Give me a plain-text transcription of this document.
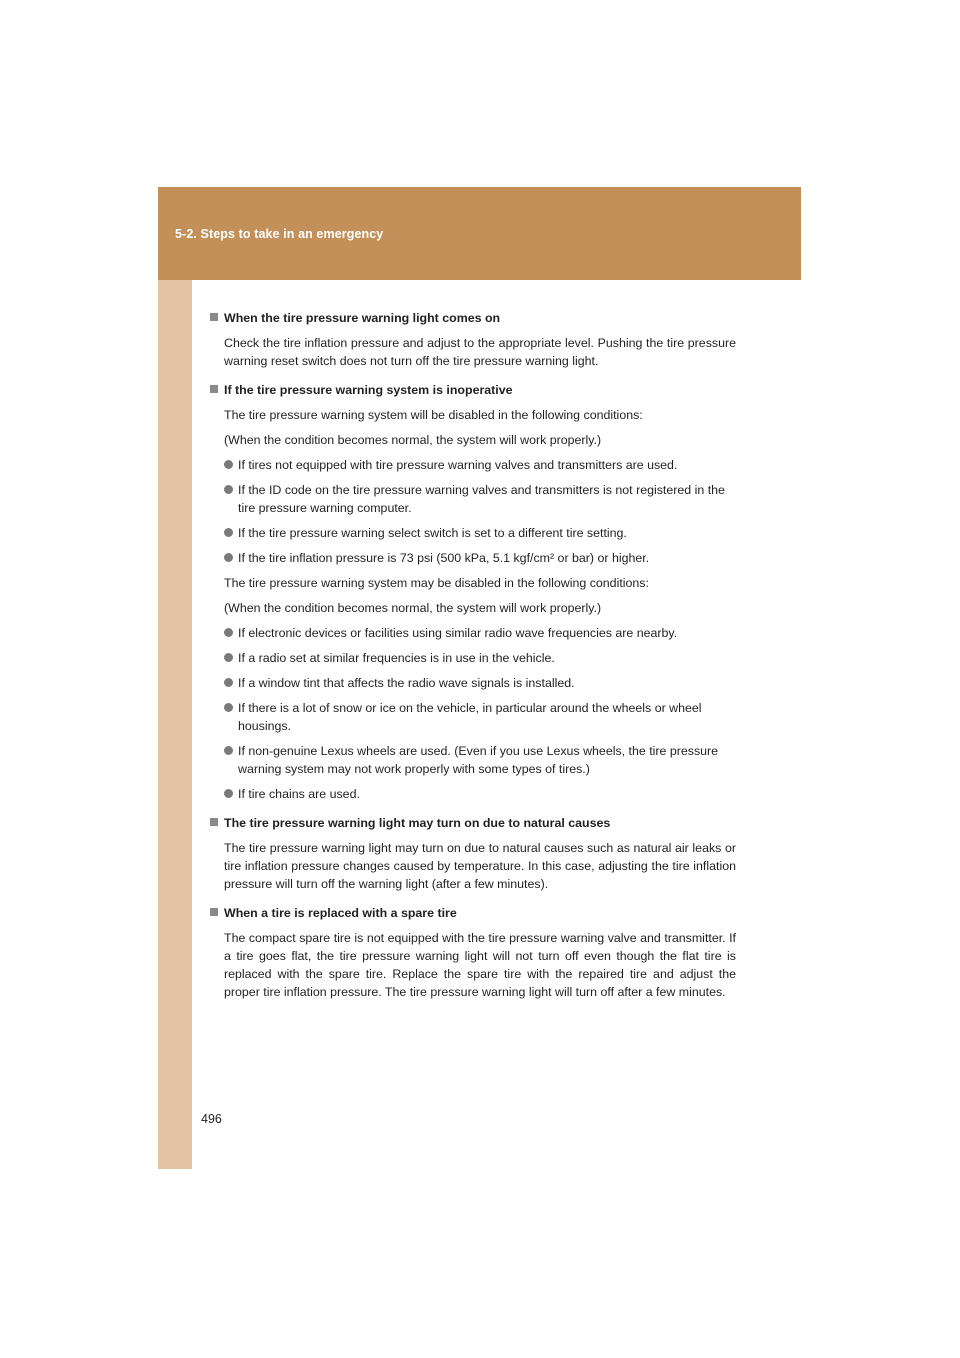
5-2. Steps to take in an emergency
When the tire pressure warning light comes on
Check the tire inflation pressure and adjust to the appropriate level. Pushing the tire pressure warning reset switch does not turn off the tire pressure warning light.
If the tire pressure warning system is inoperative
The tire pressure warning system will be disabled in the following conditions:
(When the condition becomes normal, the system will work properly.)
If tires not equipped with tire pressure warning valves and transmitters are used.
If the ID code on the tire pressure warning valves and transmitters is not registered in the tire pressure warning computer.
If the tire pressure warning select switch is set to a different tire setting.
If the tire inflation pressure is 73 psi (500 kPa, 5.1 kgf/cm² or bar) or higher.
The tire pressure warning system may be disabled in the following conditions:
(When the condition becomes normal, the system will work properly.)
If electronic devices or facilities using similar radio wave frequencies are nearby.
If a radio set at similar frequencies is in use in the vehicle.
If a window tint that affects the radio wave signals is installed.
If there is a lot of snow or ice on the vehicle, in particular around the wheels or wheel housings.
If non-genuine Lexus wheels are used. (Even if you use Lexus wheels, the tire pressure warning system may not work properly with some types of tires.)
If tire chains are used.
The tire pressure warning light may turn on due to natural causes
The tire pressure warning light may turn on due to natural causes such as natural air leaks or tire inflation pressure changes caused by temperature. In this case, adjusting the tire inflation pressure will turn off the warning light (after a few minutes).
When a tire is replaced with a spare tire
The compact spare tire is not equipped with the tire pressure warning valve and transmitter. If a tire goes flat, the tire pressure warning light will not turn off even though the flat tire is replaced with the spare tire. Replace the spare tire with the repaired tire and adjust the proper tire inflation pressure. The tire pressure warning light will turn off after a few minutes.
496
